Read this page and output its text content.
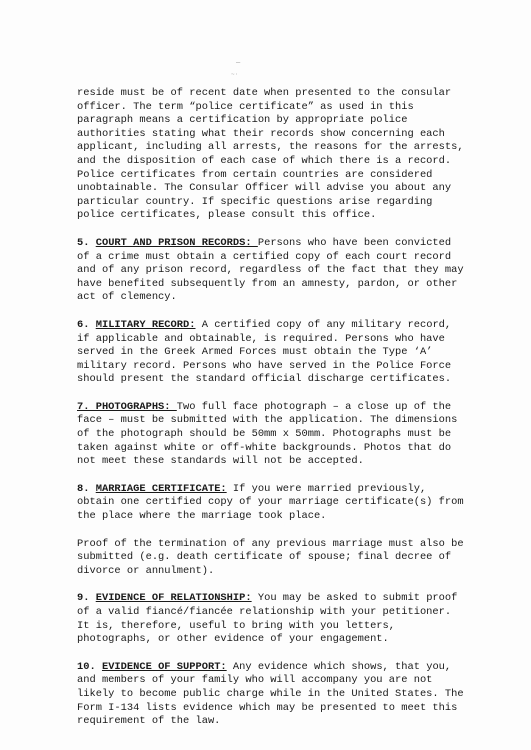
—
~·

reside must be of recent date when presented to the consular
officer. The term “police certificate” as used in this
paragraph means a certification by appropriate police
authorities stating what their records show concerning each
applicant, including all arrests, the reasons for the arrests,
and the disposition of each case of which there is a record.
Police certificates from certain countries are considered
unobtainable. The Consular Officer will advise you about any
particular country. If specific questions arise regarding
police certificates, please consult this office.

5. COURT AND PRISON RECORDS: Persons who have been convicted
of a crime must obtain a certified copy of each court record
and of any prison record, regardless of the fact that they may
have benefited subsequently from an amnesty, pardon, or other
act of clemency.

6. MILITARY RECORD: A certified copy of any military record,
if applicable and obtainable, is required. Persons who have
served in the Greek Armed Forces must obtain the Type ‘A’
military record. Persons who have served in the Police Force
should present the standard official discharge certificates.

7. PHOTOGRAPHS: Two full face photograph – a close up of the
face – must be submitted with the application. The dimensions
of the photograph should be 50mm x 50mm. Photographs must be
taken against white or off-white backgrounds. Photos that do
not meet these standards will not be accepted.

8. MARRIAGE CERTIFICATE: If you were married previously,
obtain one certified copy of your marriage certificate(s) from
the place where the marriage took place.

Proof of the termination of any previous marriage must also be
submitted (e.g. death certificate of spouse; final decree of
divorce or annulment).

9. EVIDENCE OF RELATIONSHIP: You may be asked to submit proof
of a valid fiancé/fiancée relationship with your petitioner.
It is, therefore, useful to bring with you letters,
photographs, or other evidence of your engagement.

10. EVIDENCE OF SUPPORT: Any evidence which shows, that you,
and members of your family who will accompany you are not
likely to become public charge while in the United States. The
Form I-134 lists evidence which may be presented to meet this
requirement of the law.
